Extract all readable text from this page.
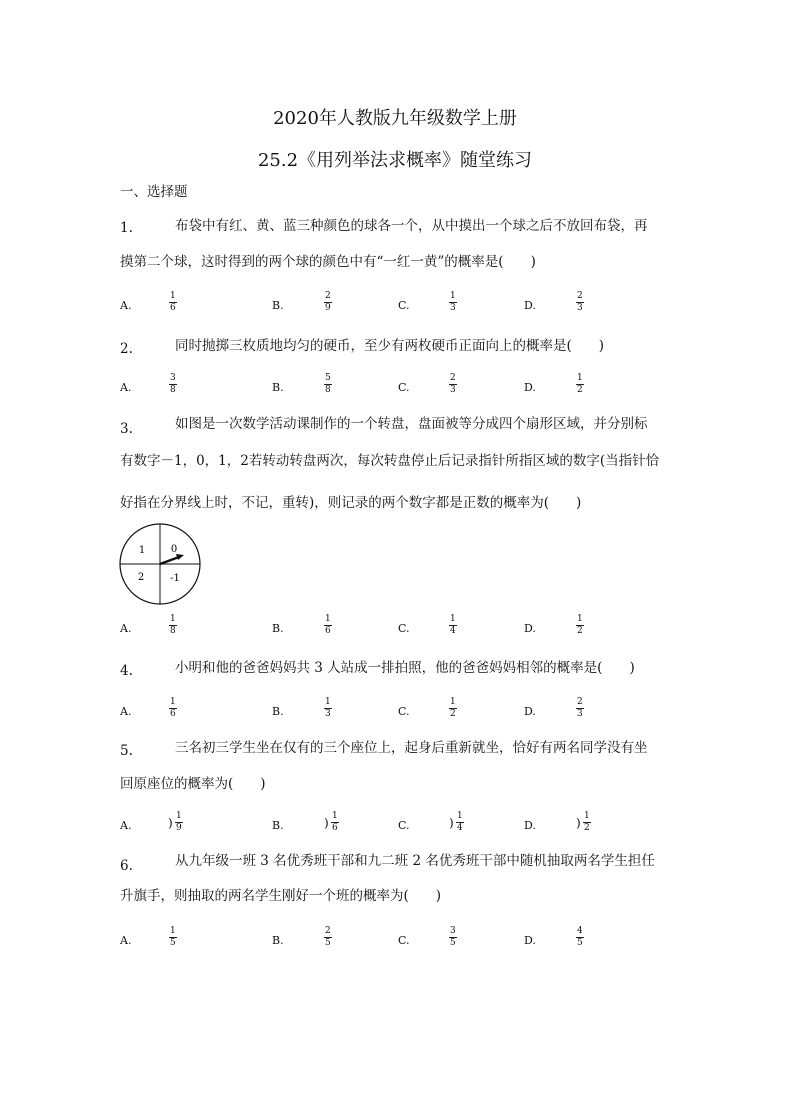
2020年人教版九年级数学上册
25.2《用列举法求概率》随堂练习
一、选择题
1.	布袋中有红、黄、蓝三种颜色的球各一个，从中摸出一个球之后不放回布袋，再
摸第二个球，这时得到的两个球的颜色中有“一红一黄”的概率是(　　)
A.
1
6	B.
2
9	C.
1
3	D.
2
3
2.	同时抛掷三枚质地均匀的硬币，至少有两枚硬币正面向上的概率是(　　)
A.
3
8	B.
5
8	C.
2
3	D.
1
2
3.	如图是一次数学活动课制作的一个转盘，盘面被等分成四个扇形区域，并分别标
有数字－1，0，1，2若转动转盘两次，每次转盘停止后记录指针所指区域的数字(当指针恰
好指在分界线上时，不记，重转)，则记录的两个数字都是正数的概率为(　　)
1	0
2	-1
A.
1
8	B.
1
6	C.
1
4	D.
1
2
4.	小明和他的爸爸妈妈共 3 人站成一排拍照，他的爸爸妈妈相邻的概率是(　　)
A.
1
6	B.
1
3	C.
1
2	D.
2
3
5.	三名初三学生坐在仅有的三个座位上，起身后重新就坐，恰好有两名同学没有坐
回原座位的概率为(　　)
A.	) 1
9	B.	) 1
6	C.	) 1
4	D.	) 1
2
6.	从九年级一班 3 名优秀班干部和九二班 2 名优秀班干部中随机抽取两名学生担任
升旗手，则抽取的两名学生刚好一个班的概率为(　　)
A.
1
5	B.
2
5	C.
3
5	D.
4
5
